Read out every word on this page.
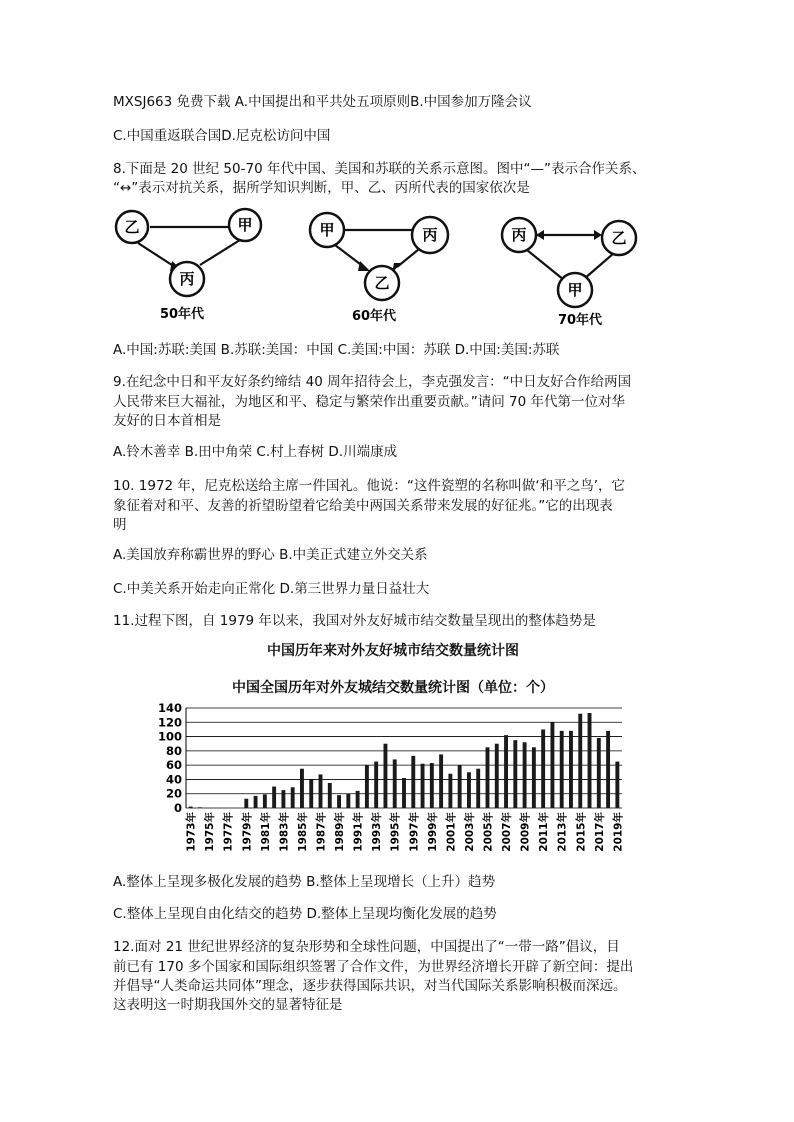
MXSJ663 免费下载 A.中国提出和平共处五项原则B.中国参加万隆会议
C.中国重返联合国D.尼克松访问中国
8.下面是 20 世纪 50-70 年代中国、美国和苏联的关系示意图。图中“—”表示合作关系、
“↔”表示对抗关系，据所学知识判断，甲、乙、丙所代表的国家依次是
乙	甲
丙
50年代
甲	丙
乙
60年代
丙	乙
甲
70年代
A.中国:苏联:美国 B.苏联:美国：中国 C.美国:中国：苏联 D.中国:美国:苏联
9.在纪念中日和平友好条约缔结 40 周年招待会上，李克强发言：“中日友好合作给两国
人民带来巨大福祉，为地区和平、稳定与繁荣作出重要贡献。”请问 70 年代第一位对华
友好的日本首相是
A.铃木善幸 B.田中角荣 C.村上春树 D.川端康成
10. 1972 年，尼克松送给主席一件国礼。他说：“这件瓷塑的名称叫做‘和平之鸟’，它
象征着对和平、友善的祈望盼望着它给美中两国关系带来发展的好征兆。”它的出现表
明
A.美国放弃称霸世界的野心 B.中美正式建立外交关系
C.中美关系开始走向正常化 D.第三世界力量日益壮大
11.过程下图，自 1979 年以来，我国对外友好城市结交数量呈现出的整体趋势是
中国历年来对外友好城市结交数量统计图
中国全国历年对外友城结交数量统计图（单位：个）
0
20
40
60
80
100
120
140
1973年 1975年 1977年 1979年 1981年 1983年 1985年 1987年 1989年 1991年 1993年 1995年 1997年 1999年 2001年 2003年 2005年 2007年 2009年 2011年 2013年 2015年 2017年 2019年
A.整体上呈现多极化发展的趋势 B.整体上呈现增长（上升）趋势
C.整体上呈现自由化结交的趋势 D.整体上呈现均衡化发展的趋势
12.面对 21 世纪世界经济的复杂形势和全球性问题，中国提出了“一带一路”倡议，目
前已有 170 多个国家和国际组织签署了合作文件，为世界经济增长开辟了新空间：提出
并倡导“人类命运共同体”理念，逐步获得国际共识，对当代国际关系影响积极而深远。
这表明这一时期我国外交的显著特征是
